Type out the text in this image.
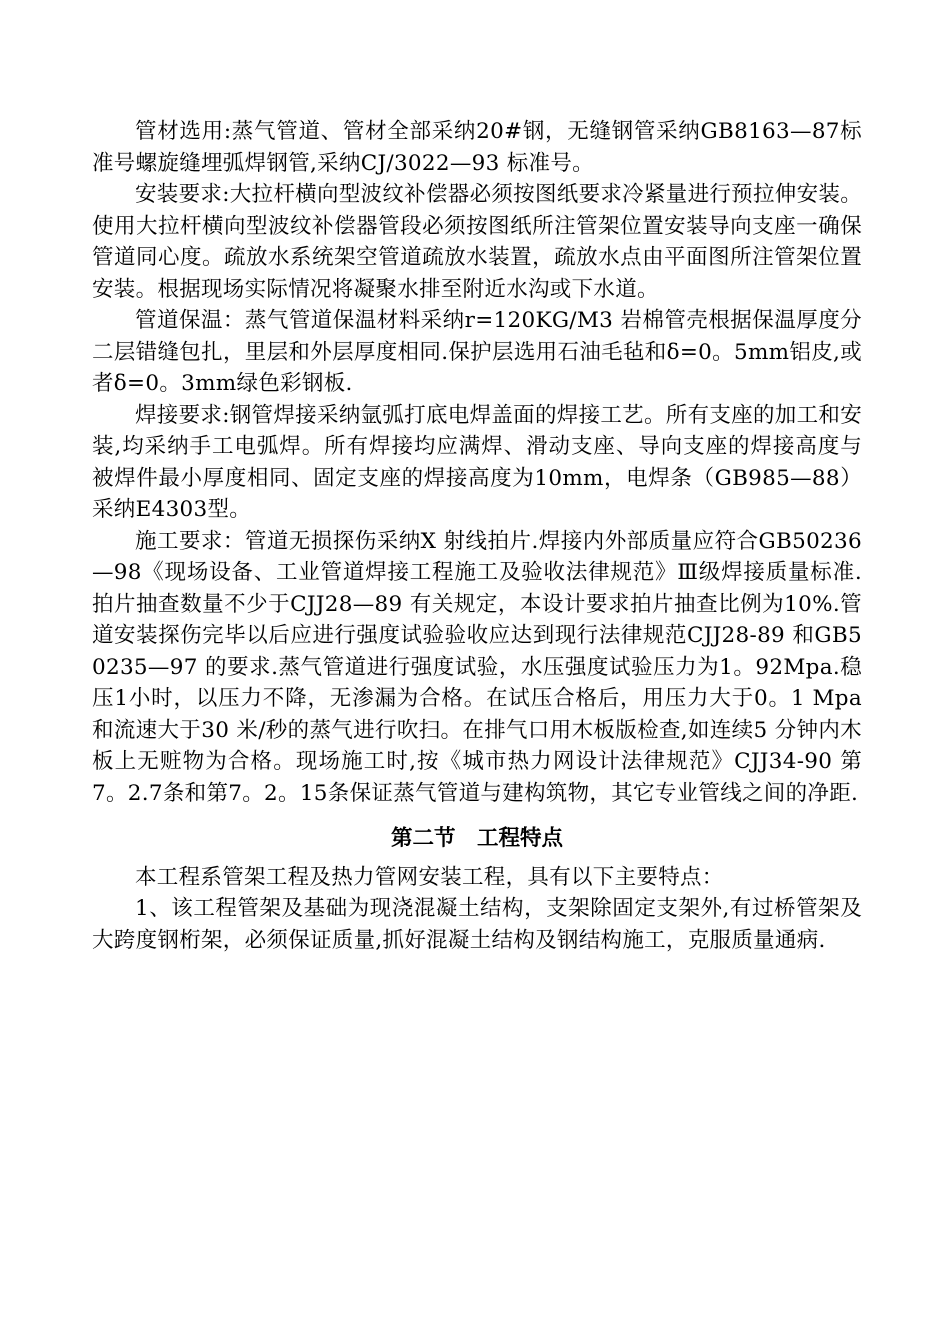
管材选用:蒸气管道、管材全部采纳20#钢，无缝钢管采纳GB8163—87标准号螺旋缝埋弧焊钢管,采纳CJ/3022—93 标准号。

安装要求:大拉杆横向型波纹补偿器必须按图纸要求冷紧量进行预拉伸安装。使用大拉杆横向型波纹补偿器管段必须按图纸所注管架位置安装导向支座一确保管道同心度。疏放水系统架空管道疏放水装置，疏放水点由平面图所注管架位置安装。根据现场实际情况将凝聚水排至附近水沟或下水道。

管道保温：蒸气管道保温材料采纳r=120KG/M3 岩棉管壳根据保温厚度分二层错缝包扎，里层和外层厚度相同.保护层选用石油毛毡和δ=0。5mm铝皮,或者δ=0。3mm绿色彩钢板.

焊接要求:钢管焊接采纳氩弧打底电焊盖面的焊接工艺。所有支座的加工和安装,均采纳手工电弧焊。所有焊接均应满焊、滑动支座、导向支座的焊接高度与被焊件最小厚度相同、固定支座的焊接高度为10mm，电焊条（GB985—88）采纳E4303型。

施工要求：管道无损探伤采纳X 射线拍片.焊接内外部质量应符合GB50236—98《现场设备、工业管道焊接工程施工及验收法律规范》Ⅲ级焊接质量标准.拍片抽查数量不少于CJJ28—89 有关规定，本设计要求拍片抽查比例为10%.管道安装探伤完毕以后应进行强度试验验收应达到现行法律规范CJJ28-89 和GB50235—97 的要求.蒸气管道进行强度试验，水压强度试验压力为1。92Mpa.稳压1小时，以压力不降，无渗漏为合格。在试压合格后，用压力大于0。1 Mpa 和流速大于30 米/秒的蒸气进行吹扫。在排气口用木板版检查,如连续5 分钟内木板上无赃物为合格。现场施工时,按《城市热力网设计法律规范》CJJ34-90 第7。2.7条和第7。2。15条保证蒸气管道与建构筑物，其它专业管线之间的净距.

第二节　工程特点

本工程系管架工程及热力管网安装工程，具有以下主要特点：

1、该工程管架及基础为现浇混凝土结构，支架除固定支架外,有过桥管架及大跨度钢桁架，必须保证质量,抓好混凝土结构及钢结构施工，克服质量通病.
